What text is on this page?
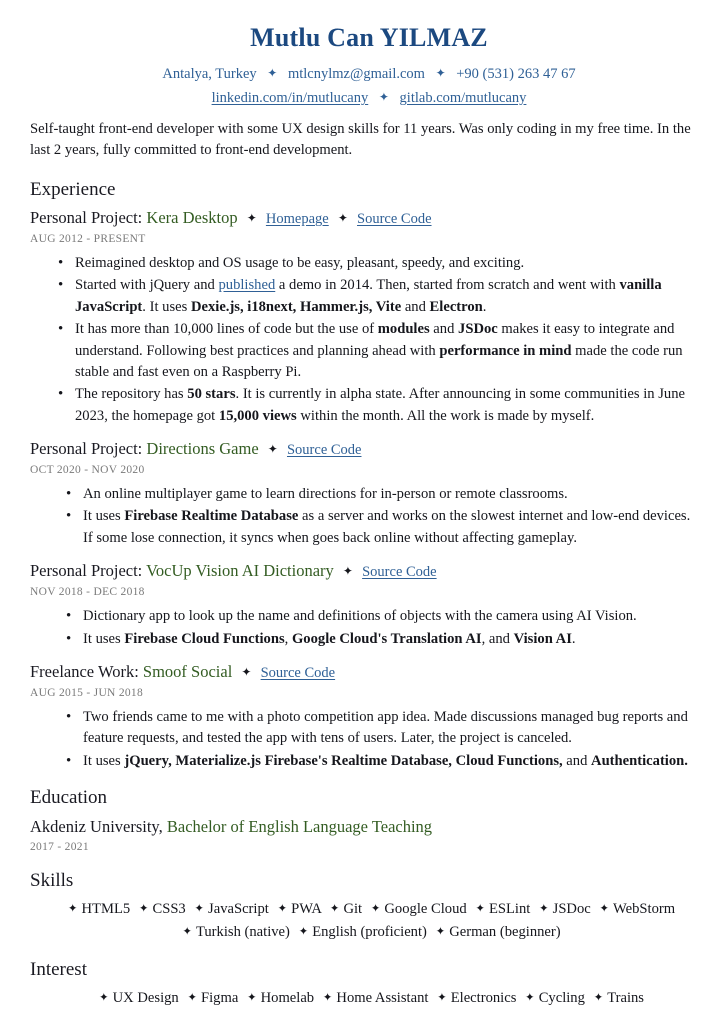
Mutlu Can YILMAZ
Antalya, Turkey ✦ mtlcnylmz@gmail.com ✦ +90 (531) 263 47 67
linkedin.com/in/mutlucany ✦ gitlab.com/mutlucany

Self-taught front-end developer with some UX design skills for 11 years. Was only coding in my free time. In the last 2 years, fully committed to front-end development.

Experience
Personal Project: Kera Desktop ✦ Homepage ✦ Source Code
AUG 2012 - PRESENT
• Reimagined desktop and OS usage to be easy, pleasant, speedy, and exciting.
• Started with jQuery and published a demo in 2014. Then, started from scratch and went with vanilla JavaScript. It uses Dexie.js, i18next, Hammer.js, Vite and Electron.
• It has more than 10,000 lines of code but the use of modules and JSDoc makes it easy to integrate and understand. Following best practices and planning ahead with performance in mind made the code run stable and fast even on a Raspberry Pi.
• The repository has 50 stars. It is currently in alpha state. After announcing in some communities in June 2023, the homepage got 15,000 views within the month. All the work is made by myself.
Personal Project: Directions Game ✦ Source Code
OCT 2020 - NOV 2020
• An online multiplayer game to learn directions for in-person or remote classrooms.
• It uses Firebase Realtime Database as a server and works on the slowest internet and low-end devices. If some lose connection, it syncs when goes back online without affecting gameplay.
Personal Project: VocUp Vision AI Dictionary ✦ Source Code
NOV 2018 - DEC 2018
• Dictionary app to look up the name and definitions of objects with the camera using AI Vision.
• It uses Firebase Cloud Functions, Google Cloud's Translation AI, and Vision AI.
Freelance Work: Smoof Social ✦ Source Code
AUG 2015 - JUN 2018
• Two friends came to me with a photo competition app idea. Made discussions managed bug reports and feature requests, and tested the app with tens of users. Later, the project is canceled.
• It uses jQuery, Materialize.js Firebase's Realtime Database, Cloud Functions, and Authentication.
Education
Akdeniz University, Bachelor of English Language Teaching
2017 - 2021
Skills
✦ HTML5 ✦ CSS3 ✦ JavaScript ✦ PWA ✦ Git ✦ Google Cloud ✦ ESLint ✦ JSDoc ✦ WebStorm
✦ Turkish (native) ✦ English (proficient) ✦ German (beginner)
Interest
✦ UX Design ✦ Figma ✦ Homelab ✦ Home Assistant ✦ Electronics ✦ Cycling ✦ Trains
